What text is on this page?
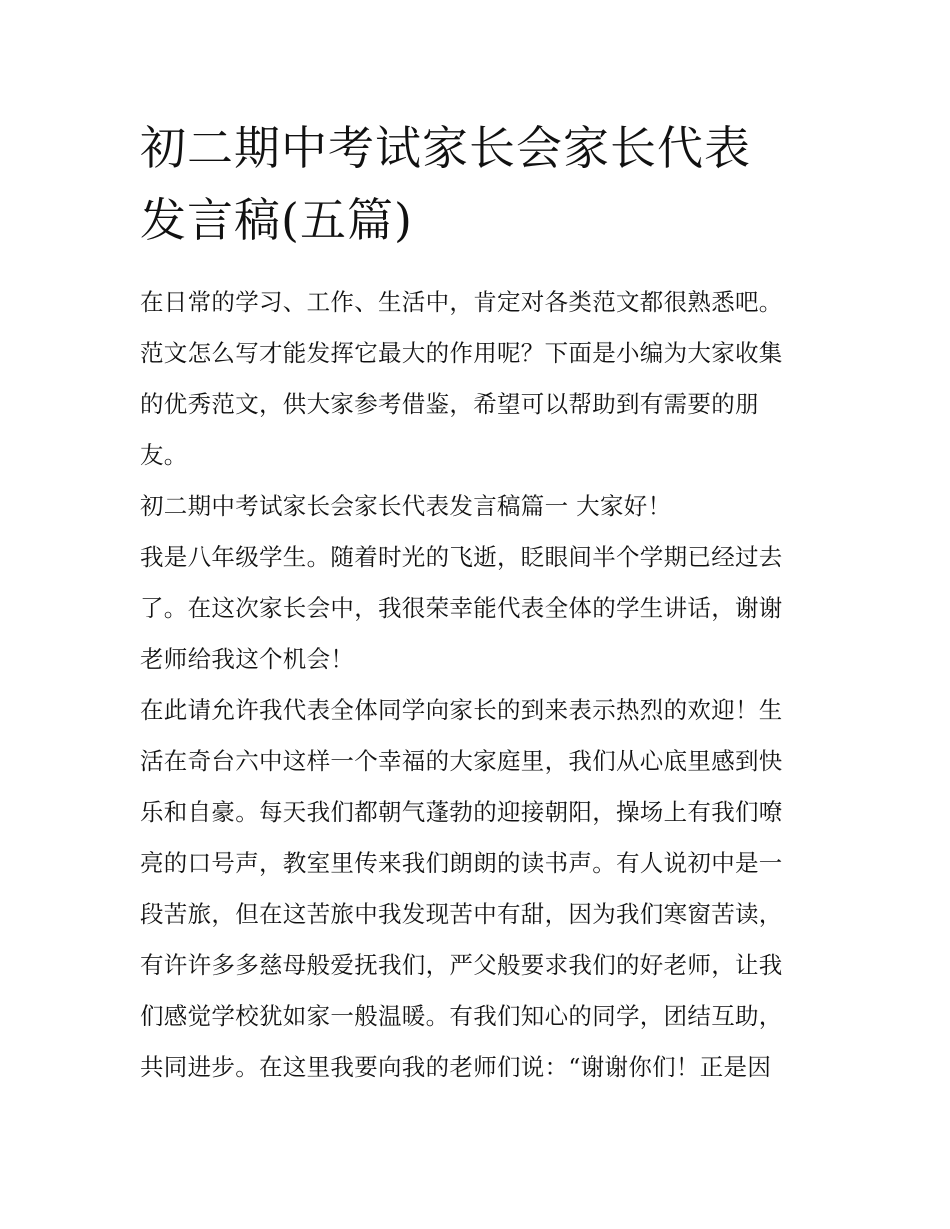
初二期中考试家长会家长代表
发言稿(五篇)
在日常的学习、工作、生活中，肯定对各类范文都很熟悉吧。
范文怎么写才能发挥它最大的作用呢？下面是小编为大家收集
的优秀范文，供大家参考借鉴，希望可以帮助到有需要的朋
友。
初二期中考试家长会家长代表发言稿篇一 大家好！
我是八年级学生。随着时光的飞逝，眨眼间半个学期已经过去
了。在这次家长会中，我很荣幸能代表全体的学生讲话，谢谢
老师给我这个机会！
在此请允许我代表全体同学向家长的到来表示热烈的欢迎！生
活在奇台六中这样一个幸福的大家庭里，我们从心底里感到快
乐和自豪。每天我们都朝气蓬勃的迎接朝阳，操场上有我们嘹
亮的口号声，教室里传来我们朗朗的读书声。有人说初中是一
段苦旅，但在这苦旅中我发现苦中有甜，因为我们寒窗苦读，
有许许多多慈母般爱抚我们，严父般要求我们的好老师，让我
们感觉学校犹如家一般温暖。有我们知心的同学，团结互助，
共同进步。在这里我要向我的老师们说：“谢谢你们！正是因
